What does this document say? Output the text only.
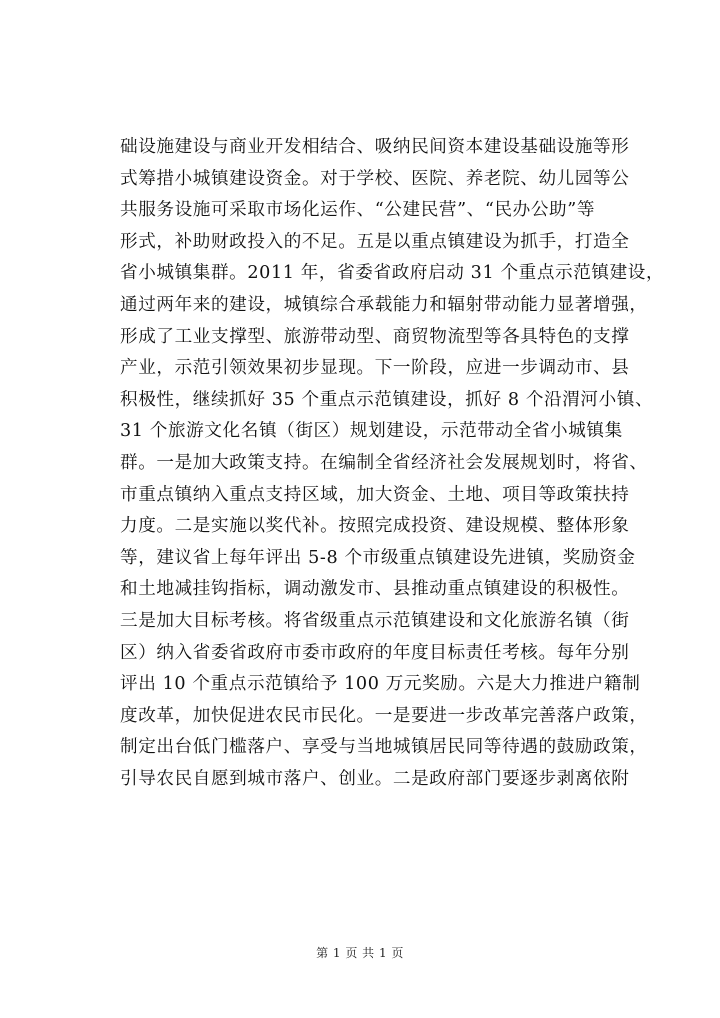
础设施建设与商业开发相结合、吸纳民间资本建设基础设施等形
式筹措小城镇建设资金。对于学校、医院、养老院、幼儿园等公
共服务设施可采取市场化运作、“公建民营”、“民办公助”等
形式，补助财政投入的不足。五是以重点镇建设为抓手，打造全
省小城镇集群。2011 年，省委省政府启动 31 个重点示范镇建设，
通过两年来的建设，城镇综合承载能力和辐射带动能力显著增强，
形成了工业支撑型、旅游带动型、商贸物流型等各具特色的支撑
产业，示范引领效果初步显现。下一阶段，应进一步调动市、县
积极性，继续抓好 35 个重点示范镇建设，抓好 8 个沿渭河小镇、
31 个旅游文化名镇（街区）规划建设，示范带动全省小城镇集
群。一是加大政策支持。在编制全省经济社会发展规划时，将省、
市重点镇纳入重点支持区域，加大资金、土地、项目等政策扶持
力度。二是实施以奖代补。按照完成投资、建设规模、整体形象
等，建议省上每年评出 5-8 个市级重点镇建设先进镇，奖励资金
和土地减挂钩指标，调动激发市、县推动重点镇建设的积极性。
三是加大目标考核。将省级重点示范镇建设和文化旅游名镇（街
区）纳入省委省政府市委市政府的年度目标责任考核。每年分别
评出 10 个重点示范镇给予 100 万元奖励。六是大力推进户籍制
度改革，加快促进农民市民化。一是要进一步改革完善落户政策，
制定出台低门槛落户、享受与当地城镇居民同等待遇的鼓励政策，
引导农民自愿到城市落户、创业。二是政府部门要逐步剥离依附
第 1 页 共 1 页
